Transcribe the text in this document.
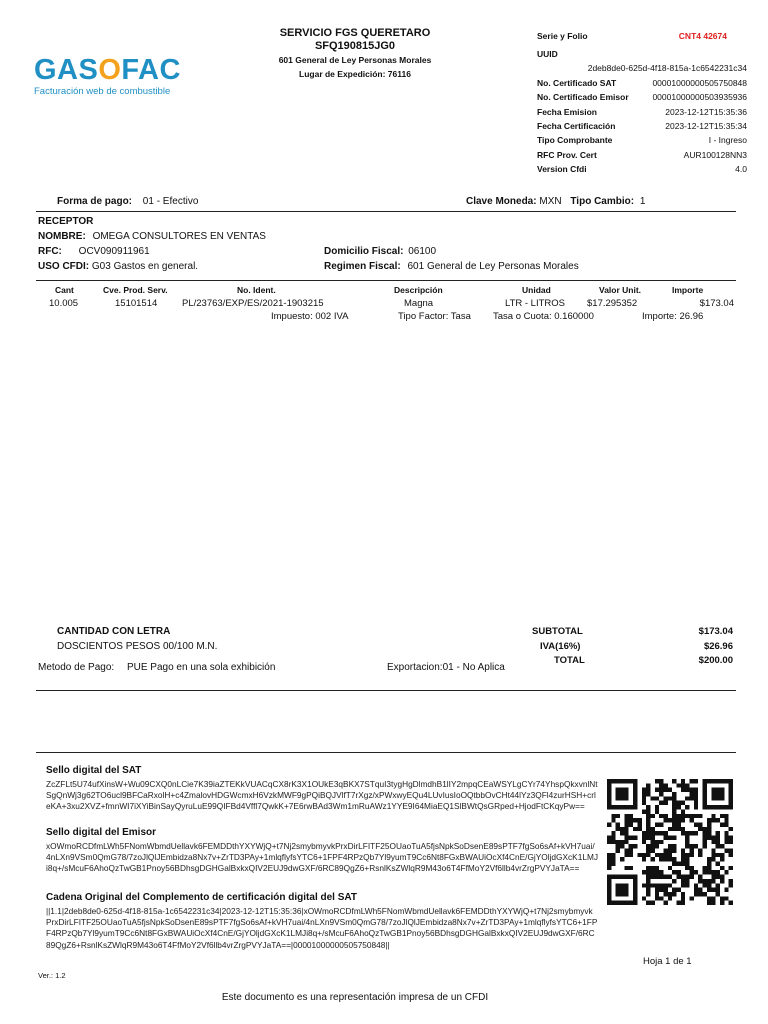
GASOFAC
Facturación web de combustible
SERVICIO FGS QUERETARO
SFQ190815JG0
601 General de Ley Personas Morales
Lugar de Expedición: 76116
Serie y Folio	CNT4 42674
UUID
2deb8de0-625d-4f18-815a-1c6542231c34
No. Certificado SAT	00001000000505750848
No. Certificado Emisor	00001000000503935936
Fecha Emision	2023-12-12T15:35:36
Fecha Certificación	2023-12-12T15:35:34
Tipo Comprobante	I - Ingreso
RFC Prov. Cert	AUR100128NN3
Version Cfdi	4.0
Forma de pago: 01 - Efectivo	Clave Moneda: MXN Tipo Cambio: 1
RECEPTOR
NOMBRE: OMEGA CONSULTORES EN VENTAS
RFC: OCV090911961
USO CFDI: G03 Gastos en general.
Domicilio Fiscal: 06100
Regimen Fiscal: 601 General de Ley Personas Morales
Cant	Cve. Prod. Serv.	No. Ident.	Descripción	Unidad	Valor Unit.	Importe
10.005	15101514	PL/23763/EXP/ES/2021-1903215	Magna	LTR - LITROS $17.295352	$173.04
Impuesto: 002 IVA	Tipo Factor: Tasa Tasa o Cuota: 0.160000	Importe: 26.96
CANTIDAD CON LETRA
DOSCIENTOS PESOS 00/100 M.N.
Metodo de Pago: PUE Pago en una sola exhibición	Exportacion:01 - No Aplica
SUBTOTAL	$173.04
IVA(16%)	$26.96
TOTAL	$200.00
Sello digital del SAT
ZcZFLt5U74ufXinsW+Wu09CXQ0nLCie7K39iaZTEKkVUACqCX8rK3X1OUkE3qBKX7STquI3tygHgDlmdhB1lIY2mpqCEaWSYLgCYr74YhspQkxvnlNtSgQnWj3g62TO6ucl9BFCaRxolH+c4ZmalovHDGWcmxH6VzkMWF9gPQiBQJVlfT7rXgz/xPWxwyEQu4LUvIusIoOQtbbOvCHt44lYz3QFl4zurHSH+crleKA+3xu2XVZ+fmnWI7iXYiBinSayQyruLuE99QIFBd4Vffl7QwkK+7E6rwBAd3Wm1mRuAWz1YYE9I64MiaEQ1SlBWtQsGRped+HjodFtCKqyPw==
Sello digital del Emisor
xOWmoRCDfmLWh5FNomWbmdUellavk6FEMDDthYXYWjQ+t7Nj2smybmyvkPrxDirLFITF25OUaoTuA5fjsNpkSoDsenE89sPTF7fgSo6sAf+kVH7uai/4nLXn9VSm0QmG78/7zoJlQlJEmbidza8Nx7v+ZrTD3PAy+1mlqflyfsYTC6+1FPF4RPzQb7Yl9yumT9Cc6Nt8FGxBWAUiOcXf4CnE/GjYOljdGXcK1LMJi8q+/sMcuF6AhoQzTwGB1Pnoy56BDhsgDGHGalBxkxQIV2EUJ9dwGXF/6RC89QgZ6+RsnlKsZWlqR9M43o6T4FfMoY2Vf6llb4vrZrgPVYJaTA==
Cadena Original del Complemento de certificación digital del SAT
||1.1|2deb8de0-625d-4f18-815a-1c6542231c34|2023-12-12T15:35:36|xOWmoRCDfmLWh5FNomWbmdUellavk6FEMDDthYXYWjQ+t7Nj2smybmyvkPrxDirLFITF25OUaoTuA5fjsNpkSoDsenE89sPTF7fgSo6sAf+kVH7uai/4nLXn9VSm0QmG78/7zoJlQlJEmbidza8Nx7v+ZrTD3PAy+1mlqflyfsYTC6+1FPF4RPzQb7Yl9yumT9Cc6Nt8FGxBWAUiOcXf4CnE/GjYOljdGXcK1LMJi8q+/sMcuF6AhoQzTwGB1Pnoy56BDhsgDGHGalBxkxQIV2EUJ9dwGXF/6RC89QgZ6+RsnlKsZWlqR9M43o6T4FfMoY2Vf6llb4vrZrgPVYJaTA==|00001000000505750848||
Hoja 1 de 1
Ver.: 1.2
Este documento es una representación impresa de un CFDI
